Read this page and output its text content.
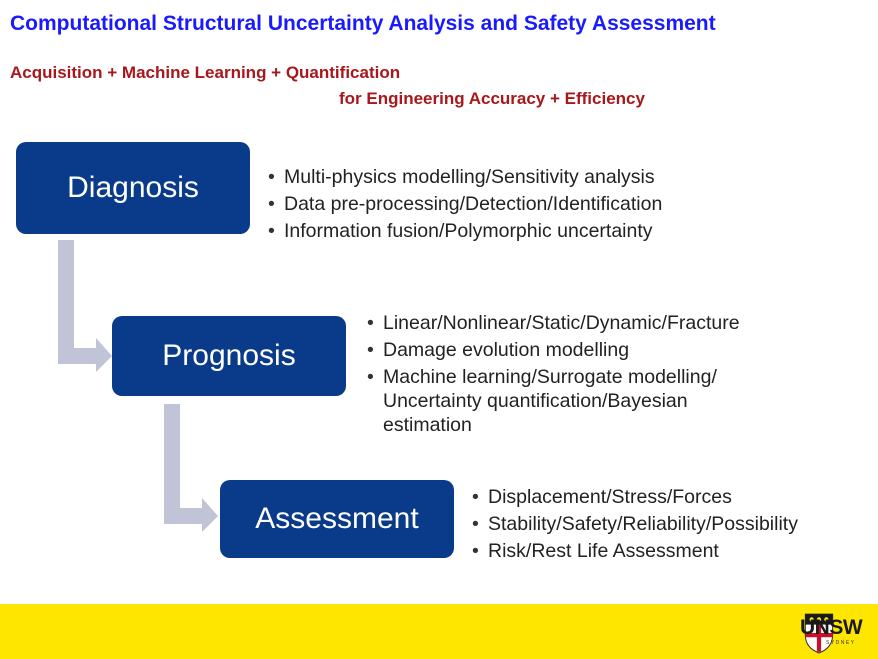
Computational Structural Uncertainty Analysis and Safety Assessment
Acquisition + Machine Learning + Quantification
for Engineering Accuracy + Efficiency
Diagnosis
Prognosis
Assessment
• Multi-physics modelling/Sensitivity analysis
• Data pre-processing/Detection/Identification
• Information fusion/Polymorphic uncertainty
• Linear/Nonlinear/Static/Dynamic/Fracture
• Damage evolution modelling
• Machine learning/Surrogate modelling/ Uncertainty quantification/Bayesian estimation
• Displacement/Stress/Forces
• Stability/Safety/Reliability/Possibility
• Risk/Rest Life Assessment
UNSW
SYDNEY
